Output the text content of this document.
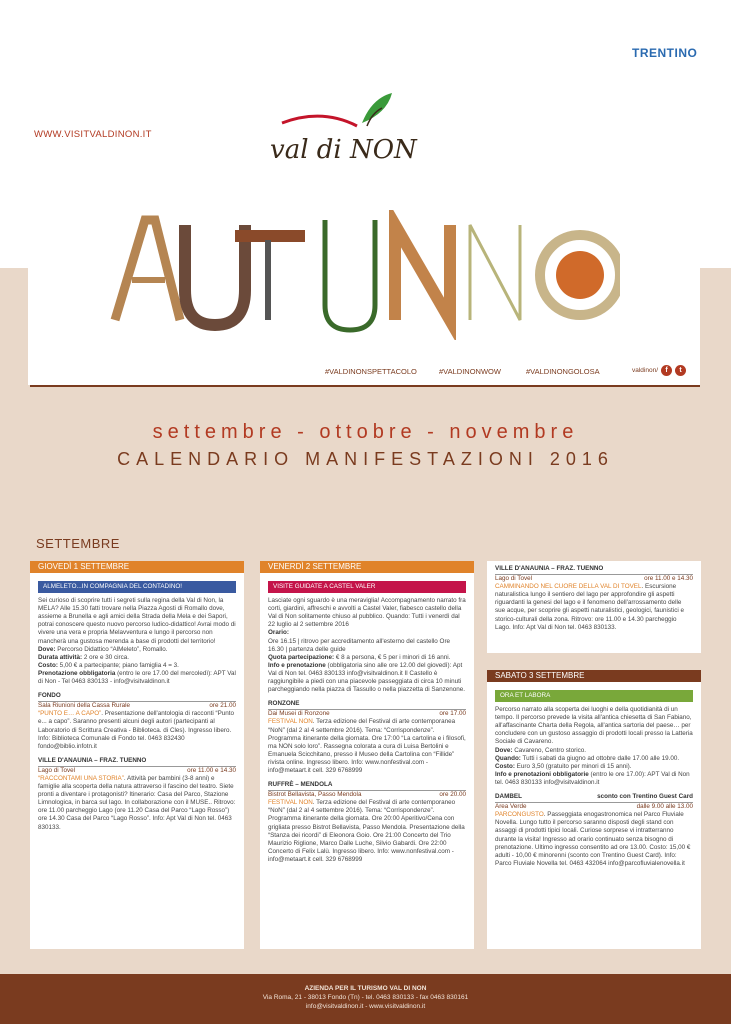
TRENTINO
WWW.VISITVALDINON.IT
val di NON
#VALDINONSPETTACOLO	#VALDINONWOW	#VALDINONGOLOSA	valdinon/	f	t
settembre - ottobre - novembre
CALENDARIO MANIFESTAZIONI 2016
SETTEMBRE
GIOVEDÌ 1 SETTEMBRE
ALMELETO...IN COMPAGNIA DEL CONTADINO!

Sei curioso di scoprire tutti i segreti sulla regina della Val di Non, la MELA? Alle 15.30 fatti trovare nella Piazza Agosti di Romallo dove, assieme a Brunella e agli amici della Strada della Mela e dei Sapori, potrai conoscere questo nuovo percorso ludico-didattico! Avrai modo di vivere una vera e propria Melavventura e lungo il percorso non mancherà una gustosa merenda a base di prodotti del territorio!

Dove: Percorso Didattico “AlMeleto”, Romallo.

Durata attività: 2 ore e 30 circa.

Costo: 5,00 € a partecipante; piano famiglia 4 = 3.

Prenotazione obbligatoria (entro le ore 17.00 del mercoledì): APT Val di Non - Tel 0463 830133 - info@visitvaldinon.it

FONDO
Sala Riunioni della Cassa Rurale	ore 21.00

“PUNTO E… A CAPO”. Presentazione dell'antologia di racconti “Punto e... a capo”. Saranno presenti alcuni degli autori (partecipanti al Laboratorio di Scrittura Creativa - Biblioteca. di Cles). Ingresso libero. Info: Biblioteca Comunale di Fondo tel. 0463 832430 fondo@biblio.infotn.it

VILLE D'ANAUNIA – FRAZ. TUENNO
Lago di Tovel	ore 11.00 e 14.30

“RACCONTAMI UNA STORIA”. Attività per bambini (3-8 anni) e famiglie alla scoperta della natura attraverso il fascino del teatro. Siete pronti a diventare i protagonisti? Itinerario: Casa del Parco, Stazione Limnologica, in barca sul lago. In collaborazione con il MUSE.. Ritrovo: ore 11.00 parcheggio Lago (ore 11.20 Casa del Parco “Lago Rosso”) ore 14.30 Casa del Parco “Lago Rosso”. Info: Apt Val di Non tel. 0463 830133.

VENERDÌ 2 SETTEMBRE
VISITE GUIDATE A CASTEL VALER

Lasciate ogni sguardo è una meraviglia! Accompagnamento narrato fra corti, giardini, affreschi e avvolti a Castel Valer, fiabesco castello della Val di Non solitamente chiuso al pubblico. Quando: Tutti i venerdì dal 22 luglio al 2 settembre 2016

Orario:

Ore 16.15 | ritrovo per accreditamento all'esterno del castello Ore 16.30 | partenza delle guide

Quota partecipazione: € 8 a persona, € 5 per i minori di 16 anni.

Info e prenotazione (obbligatoria sino alle ore 12.00 del giovedì): Apt Val di Non tel. 0463 830133 info@visitvaldinon.it Il Castello è raggiungibile a piedi con una piacevole passeggiata di circa 10 minuti parcheggiando nella piazza di Tassullo o nella piazzetta di Sanzenone.

RONZONE
Dai Musei di Ronzone	ore 17.00

FESTIVAL NON. Terza edizione del Festival di arte contemporanea “NoN” (dal 2 al 4 settembre 2016). Tema: “Corrispondenze”. Programma itinerante della giornata. Ore 17:00 “La cartolina e i filosofi, ma NON solo loro”. Rassegna colorata a cura di Luisa Bertolini e Emanuela Scicchitano, presso il Museo della Cartolina con “Fillide” rivista online. Ingresso libero. Info: www.nonfestival.com - info@metaart.it cell. 329 6768999

RUFFRÈ – MENDOLA
Bistrot Bellavista, Passo Mendola	ore 20.00

FESTIVAL NON. Terza edizione del Festival di arte contemporaneo “NoN” (dal 2 al 4 settembre 2016). Tema: “Corrispondenze”. Programma itinerante della giornata. Ore 20:00 Aperitivo/Cena con grigliata presso Bistrot Bellavista, Passo Mendola. Presentazione della “Stanza dei ricordi” di Eleonora Goio. Ore 21:00 Concerto del Trio Maurizio Riglione, Marco Dalle Luche, Silvio Gabardi. Ore 22:00 Concerto di Felix Lalù. Ingresso libero. Info: www.nonfestival.com - info@metaart.it cell. 329 6768999

VILLE D'ANAUNIA – FRAZ. TUENNO
Lago di Tovel	ore 11.00 e 14.30

CAMMINANDO NEL CUORE DELLA VAL DI TOVEL. Escursione naturalistica lungo il sentiero del lago per approfondire gli aspetti riguardanti la genesi del lago e il fenomeno dell'arrossamento delle sue acque, per scoprire gli aspetti naturalistici, geologici, faunistici e storico-culturali della zona. Ritrovo: ore 11.00 e 14.30 parcheggio Lago. Info: Apt Val di Non tel. 0463 830133.

SABATO 3 SETTEMBRE
ORA ET LABORA

Percorso narrato alla scoperta dei luoghi e della quotidianità di un tempo. Il percorso prevede la visita all'antica chiesetta di San Fabiano, all'affascinante Charta della Regola, all'antica sartoria del paese… per concludere con un gustoso assaggio di prodotti locali presso la Latteria Sociale di Cavareno.

Dove: Cavareno, Centro storico.

Quando: Tutti i sabati da giugno ad ottobre dalle 17.00 alle 19.00.

Costo: Euro 3,50 (gratuito per minori di 15 anni).

Info e prenotazioni obbligatorie (entro le ore 17.00): APT Val di Non tel. 0463 830133 info@visitvaldinon.it

DAMBEL	sconto con Trentino Guest Card
Area Verde	dalle 9.00 alle 13.00

PARCONGUSTO. Passeggiata enogastronomica nel Parco Fluviale Novella. Lungo tutto il percorso saranno disposti degli stand con assaggi di prodotti tipici locali. Curiose sorprese vi intratterranno durante la visita! Ingresso ad orario continuato senza bisogno di prenotazione. Ultimo ingresso consentito ad ore 13.00. Costo: 15,00 € adulti - 10,00 € minorenni (sconto con Trentino Guest Card). Info: Parco Fluviale Novella tel. 0463 432064 info@parcofluvialenovella.it

AZIENDA PER IL TURISMO VAL DI NON
Via Roma, 21 - 38013 Fondo (Tn) - tel. 0463 830133 - fax 0463 830161
info@visitvaldinon.it - www.visitvaldinon.it
